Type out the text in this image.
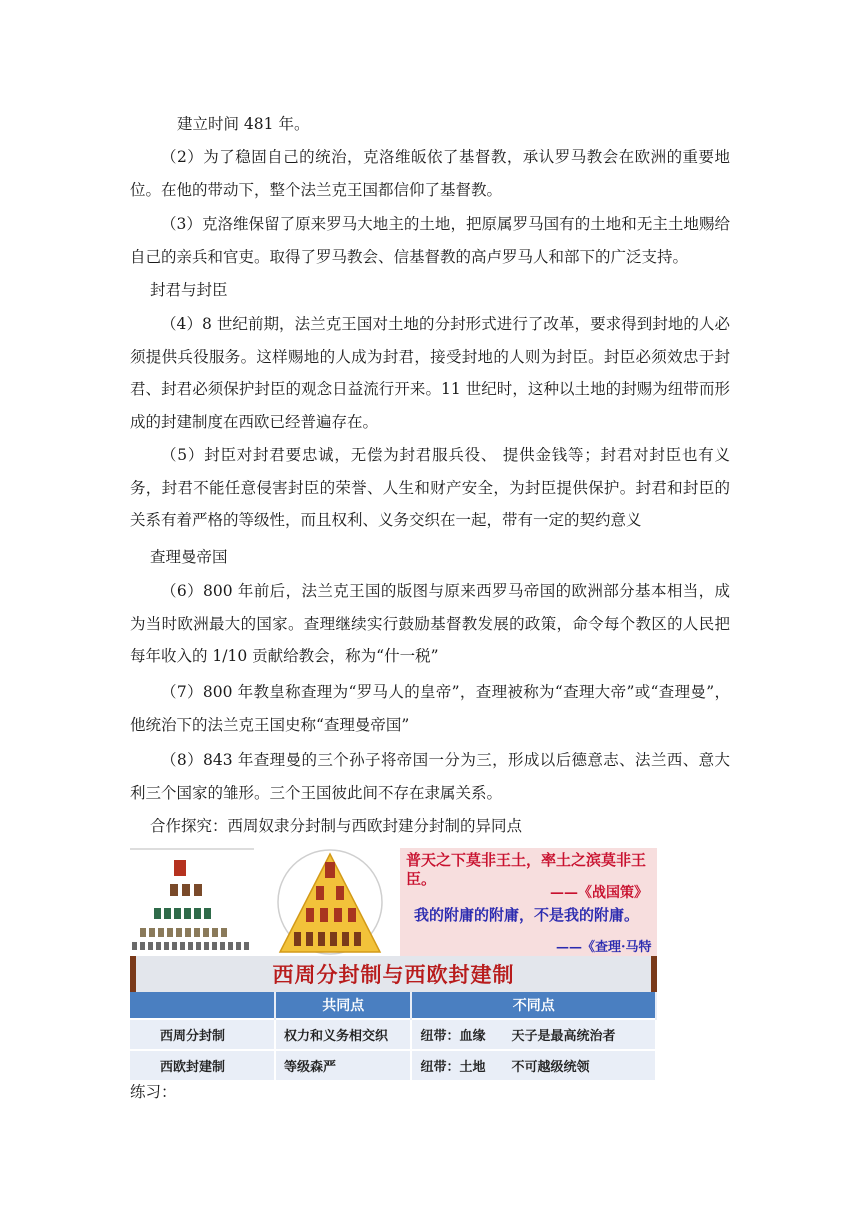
建立时间 481 年。

（2）为了稳固自己的统治，克洛维皈依了基督教，承认罗马教会在欧洲的重要地位。在他的带动下，整个法兰克王国都信仰了基督教。

（3）克洛维保留了原来罗马大地主的土地，把原属罗马国有的土地和无主土地赐给自己的亲兵和官吏。取得了罗马教会、信基督教的高卢罗马人和部下的广泛支持。

封君与封臣

（4）8 世纪前期，法兰克王国对土地的分封形式进行了改革，要求得到封地的人必须提供兵役服务。这样赐地的人成为封君，接受封地的人则为封臣。封臣必须效忠于封君、封君必须保护封臣的观念日益流行开来。11 世纪时，这种以土地的封赐为纽带而形成的封建制度在西欧已经普遍存在。

（5）封臣对封君要忠诚，无偿为封君服兵役、 提供金钱等；封君对封臣也有义务，封君不能任意侵害封臣的荣誉、人生和财产安全，为封臣提供保护。封君和封臣的关系有着严格的等级性，而且权利、义务交织在一起，带有一定的契约意义

查理曼帝国

（6）800 年前后，法兰克王国的版图与原来西罗马帝国的欧洲部分基本相当，成为当时欧洲最大的国家。查理继续实行鼓励基督教发展的政策，命令每个教区的人民把每年收入的 1/10 贡献给教会，称为“什一税”

（7）800 年教皇称查理为“罗马人的皇帝”，查理被称为“查理大帝”或“查理曼”，他统治下的法兰克王国史称“查理曼帝国”

（8）843 年查理曼的三个孙子将帝国一分为三，形成以后德意志、法兰西、意大利三个国家的雏形。三个王国彼此间不存在隶属关系。

合作探究：西周奴隶分封制与西欧封建分封制的异同点

普天之下莫非王土，率土之滨莫非王臣。

——《战国策》

我的附庸的附庸，不是我的附庸。

——《查理·马特

西周分封制与西欧封建制

	共同点	不同点
西周分封制	权力和义务相交织	纽带：血缘 天子是最高统治者
西欧封建制	等级森严	纽带：土地 不可越级统领

练习：
